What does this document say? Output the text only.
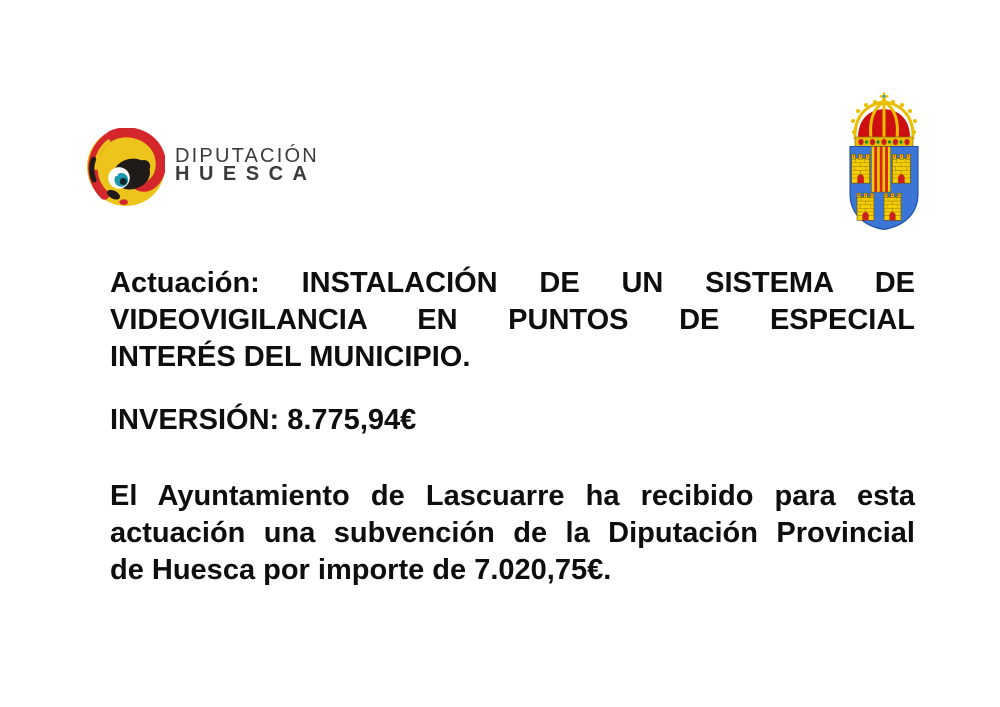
DIPUTACIÓN
HUESCA
Actuación: INSTALACIÓN DE UN SISTEMA DE
VIDEOVIGILANCIA EN PUNTOS DE ESPECIAL
INTERÉS DEL MUNICIPIO.
INVERSIÓN: 8.775,94€
El Ayuntamiento de Lascuarre ha recibido para esta
actuación una subvención de la Diputación Provincial
de Huesca por importe de 7.020,75€.
